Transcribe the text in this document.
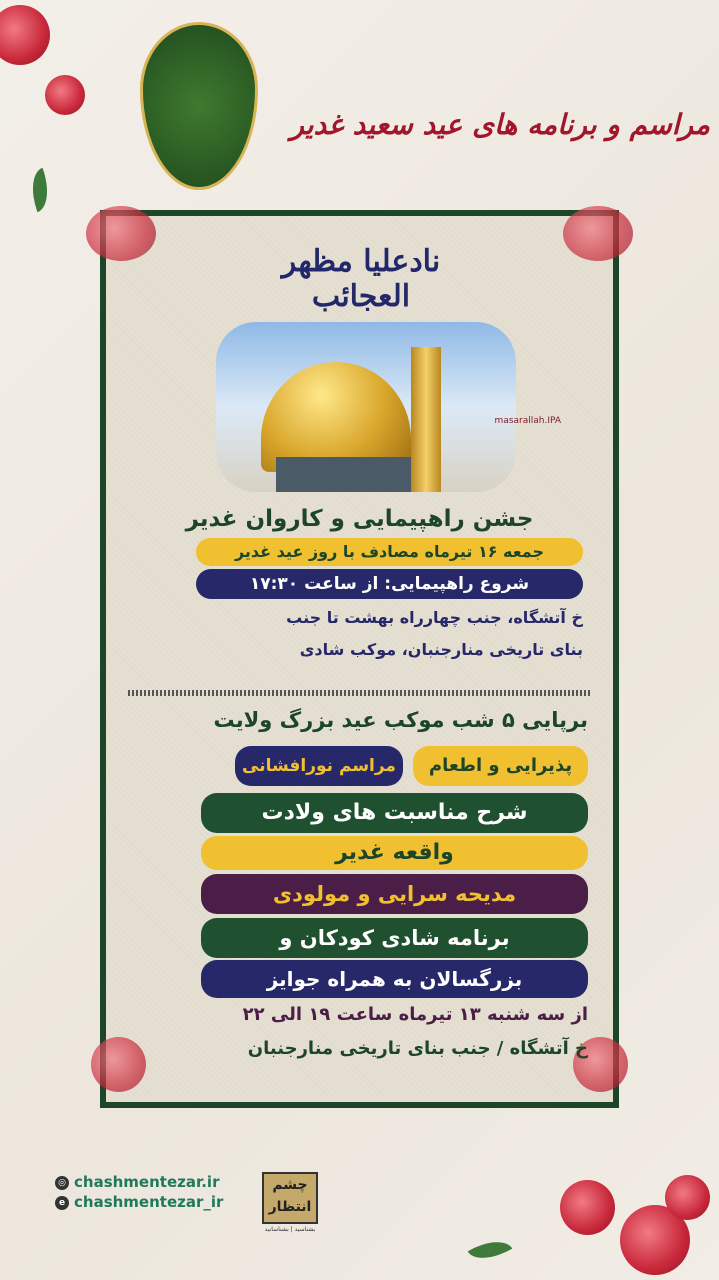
مراسم و برنامه های عید سعید غدیر
نادعلیا مظهر العجائب
masarallah.IPA
جشن راهپیمایی و کاروان غدیر
جمعه ۱۶ تیرماه مصادف با روز عید غدیر
شروع راهپیمایی: از ساعت ۱۷:۳۰
خ آتشگاه، جنب چهارراه بهشت تا جنب
بنای تاریخی منارجنبان، موکب شادی
برپایی ۵ شب موکب عید بزرگ ولایت
پذیرایی و اطعام
مراسم نورافشانی
شرح مناسبت های ولادت
واقعه غدیر
مدیحه سرایی و مولودی
برنامه شادی کودکان و
بزرگسالان به همراه جوایز
از سه شنبه ۱۳ تیرماه ساعت ۱۹ الی ۲۲
خ آتشگاه / جنب بنای تاریخی منارجنبان
◎ chashmentezar.ir
e chashmentezar_ir
چشم انتظار
بشناسید | بشناسانید
